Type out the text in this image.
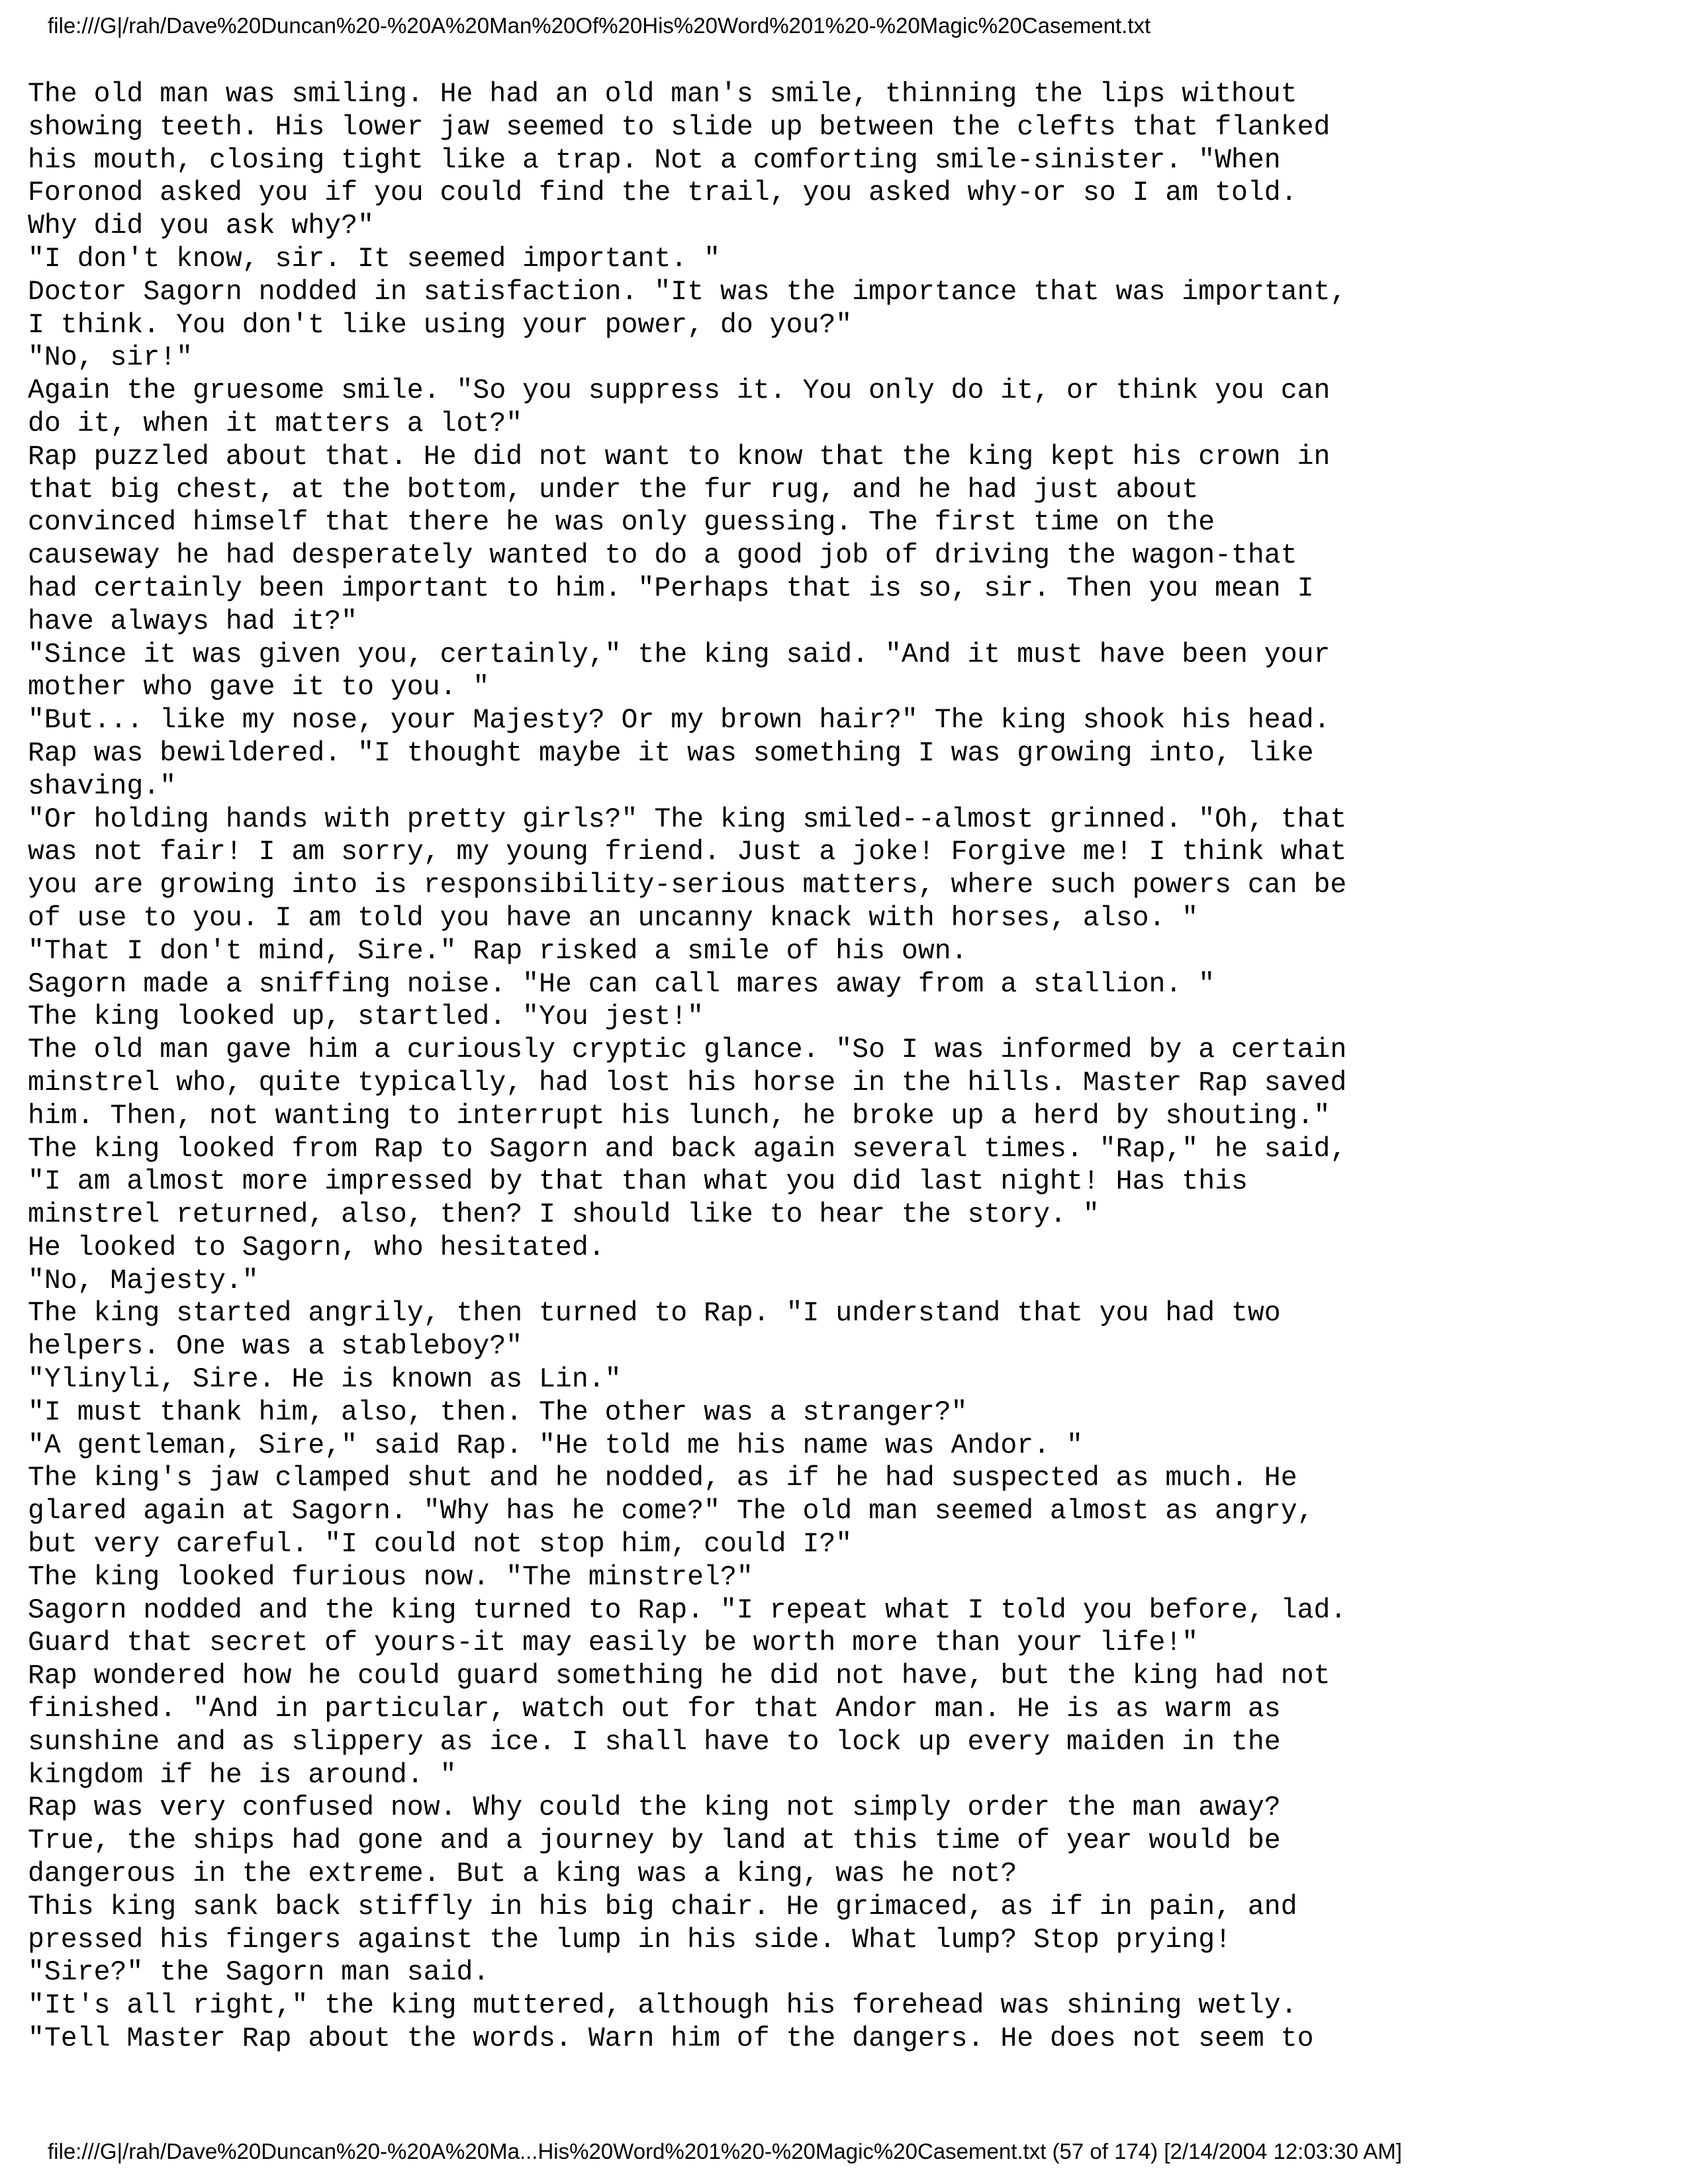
file:///G|/rah/Dave%20Duncan%20-%20A%20Man%20Of%20His%20Word%201%20-%20Magic%20Casement.txt
The old man was smiling. He had an old man's smile, thinning the lips without
showing teeth. His lower jaw seemed to slide up between the clefts that flanked
his mouth, closing tight like a trap. Not a comforting smile-sinister. "When
Foronod asked you if you could find the trail, you asked why-or so I am told.
Why did you ask why?"
"I don't know, sir. It seemed important. "
Doctor Sagorn nodded in satisfaction. "It was the importance that was important,
I think. You don't like using your power, do you?"
"No, sir!"
Again the gruesome smile. "So you suppress it. You only do it, or think you can
do it, when it matters a lot?"
Rap puzzled about that. He did not want to know that the king kept his crown in
that big chest, at the bottom, under the fur rug, and he had just about
convinced himself that there he was only guessing. The first time on the
causeway he had desperately wanted to do a good job of driving the wagon-that
had certainly been important to him. "Perhaps that is so, sir. Then you mean I
have always had it?"
"Since it was given you, certainly," the king said. "And it must have been your
mother who gave it to you. "
"But... like my nose, your Majesty? Or my brown hair?" The king shook his head.
Rap was bewildered. "I thought maybe it was something I was growing into, like
shaving."
"Or holding hands with pretty girls?" The king smiled--almost grinned. "Oh, that
was not fair! I am sorry, my young friend. Just a joke! Forgive me! I think what
you are growing into is responsibility-serious matters, where such powers can be
of use to you. I am told you have an uncanny knack with horses, also. "
"That I don't mind, Sire." Rap risked a smile of his own.
Sagorn made a sniffing noise. "He can call mares away from a stallion. "
The king looked up, startled. "You jest!"
The old man gave him a curiously cryptic glance. "So I was informed by a certain
minstrel who, quite typically, had lost his horse in the hills. Master Rap saved
him. Then, not wanting to interrupt his lunch, he broke up a herd by shouting."
The king looked from Rap to Sagorn and back again several times. "Rap," he said,
"I am almost more impressed by that than what you did last night! Has this
minstrel returned, also, then? I should like to hear the story. "
He looked to Sagorn, who hesitated.
"No, Majesty."
The king started angrily, then turned to Rap. "I understand that you had two
helpers. One was a stableboy?"
"Ylinyli, Sire. He is known as Lin."
"I must thank him, also, then. The other was a stranger?"
"A gentleman, Sire," said Rap. "He told me his name was Andor. "
The king's jaw clamped shut and he nodded, as if he had suspected as much. He
glared again at Sagorn. "Why has he come?" The old man seemed almost as angry,
but very careful. "I could not stop him, could I?"
The king looked furious now. "The minstrel?"
Sagorn nodded and the king turned to Rap. "I repeat what I told you before, lad.
Guard that secret of yours-it may easily be worth more than your life!"
Rap wondered how he could guard something he did not have, but the king had not
finished. "And in particular, watch out for that Andor man. He is as warm as
sunshine and as slippery as ice. I shall have to lock up every maiden in the
kingdom if he is around. "
Rap was very confused now. Why could the king not simply order the man away?
True, the ships had gone and a journey by land at this time of year would be
dangerous in the extreme. But a king was a king, was he not?
This king sank back stiffly in his big chair. He grimaced, as if in pain, and
pressed his fingers against the lump in his side. What lump? Stop prying!
"Sire?" the Sagorn man said.
"It's all right," the king muttered, although his forehead was shining wetly.
"Tell Master Rap about the words. Warn him of the dangers. He does not seem to
file:///G|/rah/Dave%20Duncan%20-%20A%20Ma...His%20Word%201%20-%20Magic%20Casement.txt (57 of 174) [2/14/2004 12:03:30 AM]
